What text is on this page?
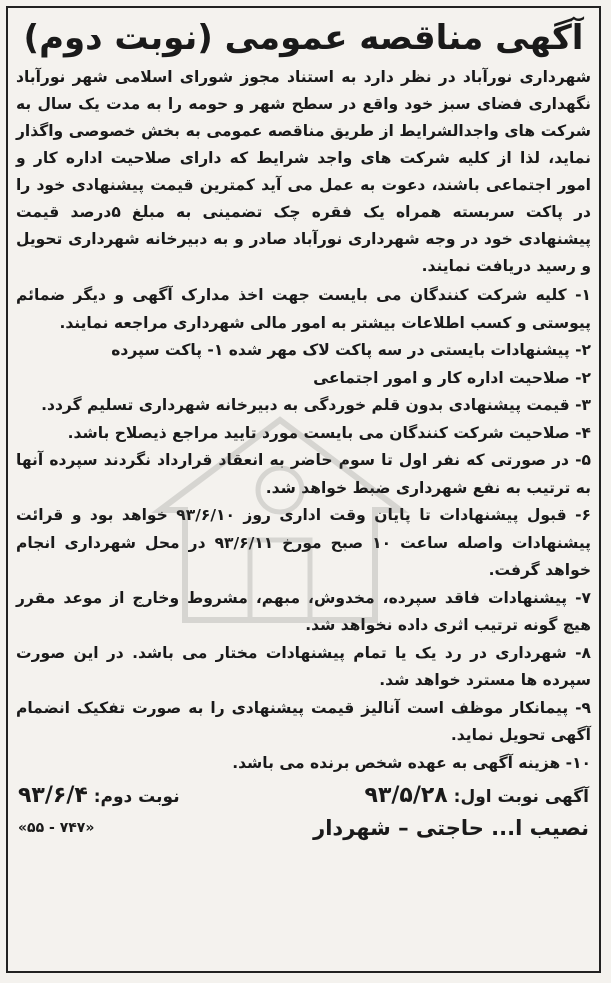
آگهی مناقصه عمومی (نوبت دوم)
شهرداری نورآباد در نظر دارد به استناد مجوز شورای اسلامی شهر نورآباد نگهداری فضای سبز خود واقع در سطح شهر و حومه را به مدت یک سال به شرکت های واجدالشرایط از طریق مناقصه عمومی به بخش خصوصی واگذار نماید، لذا از کلیه شرکت های واجد شرایط که دارای صلاحیت اداره کار و امور اجتماعی باشند، دعوت به عمل می آید کمترین قیمت پیشنهادی خود را در پاکت سربسته همراه یک فقره چک تضمینی به مبلغ ۵درصد قیمت پیشنهادی خود در وجه شهرداری نورآباد صادر و به دبیرخانه شهرداری تحویل و رسید دریافت نمایند.

۱- کلیه شرکت کنندگان می بایست جهت اخذ مدارک آگهی و دیگر ضمائم پیوستی و کسب اطلاعات بیشتر به امور مالی شهرداری مراجعه نمایند.

۲- پیشنهادات بایستی در سه پاکت لاک مهر شده ۱- پاکت سپرده

۲- صلاحیت اداره کار و امور اجتماعی

۳- قیمت پیشنهادی بدون قلم خوردگی به دبیرخانه شهرداری تسلیم گردد.

۴- صلاحیت شرکت کنندگان می بایست مورد تایید مراجع ذیصلاح باشد.

۵- در صورتی که نفر اول تا سوم حاضر به انعقاد قرارداد نگردند سپرده آنها به ترتیب به نفع شهرداری ضبط خواهد شد.

۶- قبول پیشنهادات تا پایان وقت اداری روز ۹۳/۶/۱۰ خواهد بود و قرائت پیشنهادات واصله ساعت ۱۰ صبح مورخ ۹۳/۶/۱۱ در محل شهرداری انجام خواهد گرفت.

۷- پیشنهادات فاقد سپرده، مخدوش، مبهم، مشروط وخارج از موعد مقرر هیچ گونه ترتیب اثری داده نخواهد شد.

۸- شهرداری در رد یک یا تمام پیشنهادات مختار می باشد. در این صورت سپرده ها مسترد خواهد شد.

۹- پیمانکار موظف است آنالیز قیمت پیشنهادی را به صورت تفکیک انضمام آگهی تحویل نماید.

۱۰- هزینه آگهی به عهده شخص برنده می باشد.

آگهی نوبت اول: ۹۳/۵/۲۸
نوبت دوم: ۹۳/۶/۴
نصیب ا... حاجتی – شهردار
«۵۵ - ۷۴۷»
